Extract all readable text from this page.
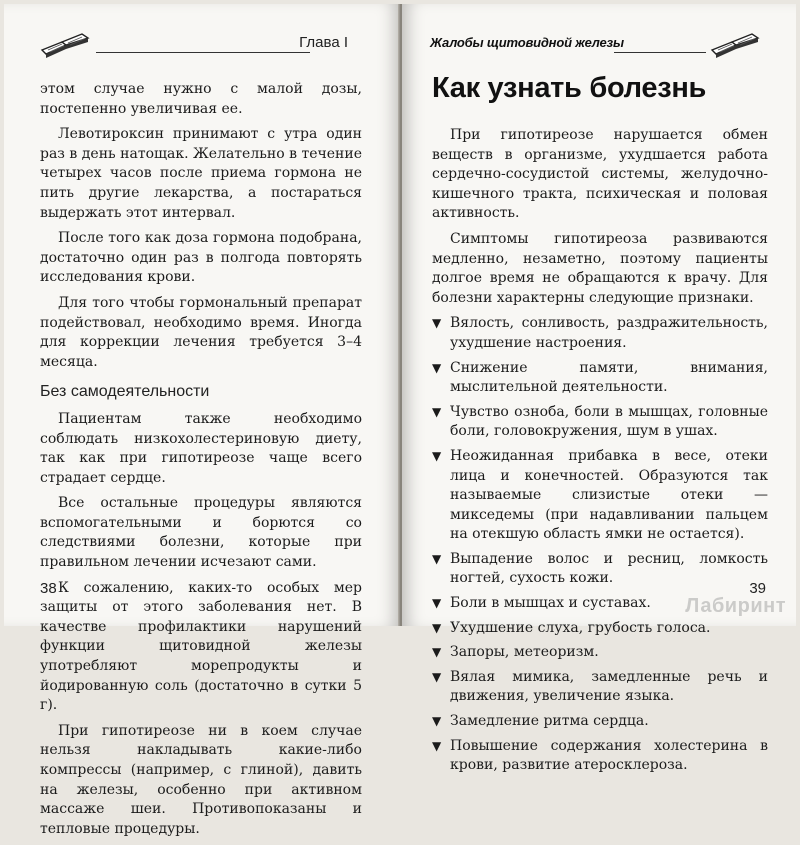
Глава I

этом случае нужно с малой дозы, постепенно увеличивая ее.

Левотироксин принимают с утра один раз в день натощак. Желательно в течение четырех часов после приема гормона не пить другие лекарства, а постараться выдержать этот интервал.

После того как доза гормона подобрана, достаточно один раз в полгода повторять исследования крови.

Для того чтобы гормональный препарат подействовал, необходимо время. Иногда для коррекции лечения требуется 3–4 месяца.

Без самодеятельности

Пациентам также необходимо соблюдать низкохолестериновую диету, так как при гипотиреозе чаще всего страдает сердце.

Все остальные процедуры являются вспомогательными и борются со следствиями болезни, которые при правильном лечении исчезают сами.

К сожалению, каких-то особых мер защиты от этого заболевания нет. В качестве профилактики нарушений функции щитовидной железы употребляют морепродукты и йодированную соль (достаточно в сутки 5 г).

При гипотиреозе ни в коем случае нельзя накладывать какие-либо компрессы (например, с глиной), давить на железы, особенно при активном массаже шеи. Противопоказаны и тепловые процедуры.

38
Жалобы щитовидной железы
Как узнать болезнь

При гипотиреозе нарушается обмен веществ в организме, ухудшается работа сердечно-сосудистой системы, желудочно-кишечного тракта, психическая и половая активность.

Симптомы гипотиреоза развиваются медленно, незаметно, поэтому пациенты долгое время не обращаются к врачу. Для болезни характерны следующие признаки.

▼ Вялость, сонливость, раздражительность, ухудшение настроения.
▼ Снижение памяти, внимания, мыслительной деятельности.
▼ Чувство озноба, боли в мышцах, головные боли, головокружения, шум в ушах.
▼ Неожиданная прибавка в весе, отеки лица и конечностей. Образуются так называемые слизистые отеки — микседемы (при надавливании пальцем на отекшую область ямки не остается).
▼ Выпадение волос и ресниц, ломкость ногтей, сухость кожи.
▼ Боли в мышцах и суставах.
▼ Ухудшение слуха, грубость голоса.
▼ Запоры, метеоризм.
▼ Вялая мимика, замедленные речь и движения, увеличение языка.
▼ Замедление ритма сердца.
▼ Повышение содержания холестерина в крови, развитие атеросклероза.
39
Лабиринт
